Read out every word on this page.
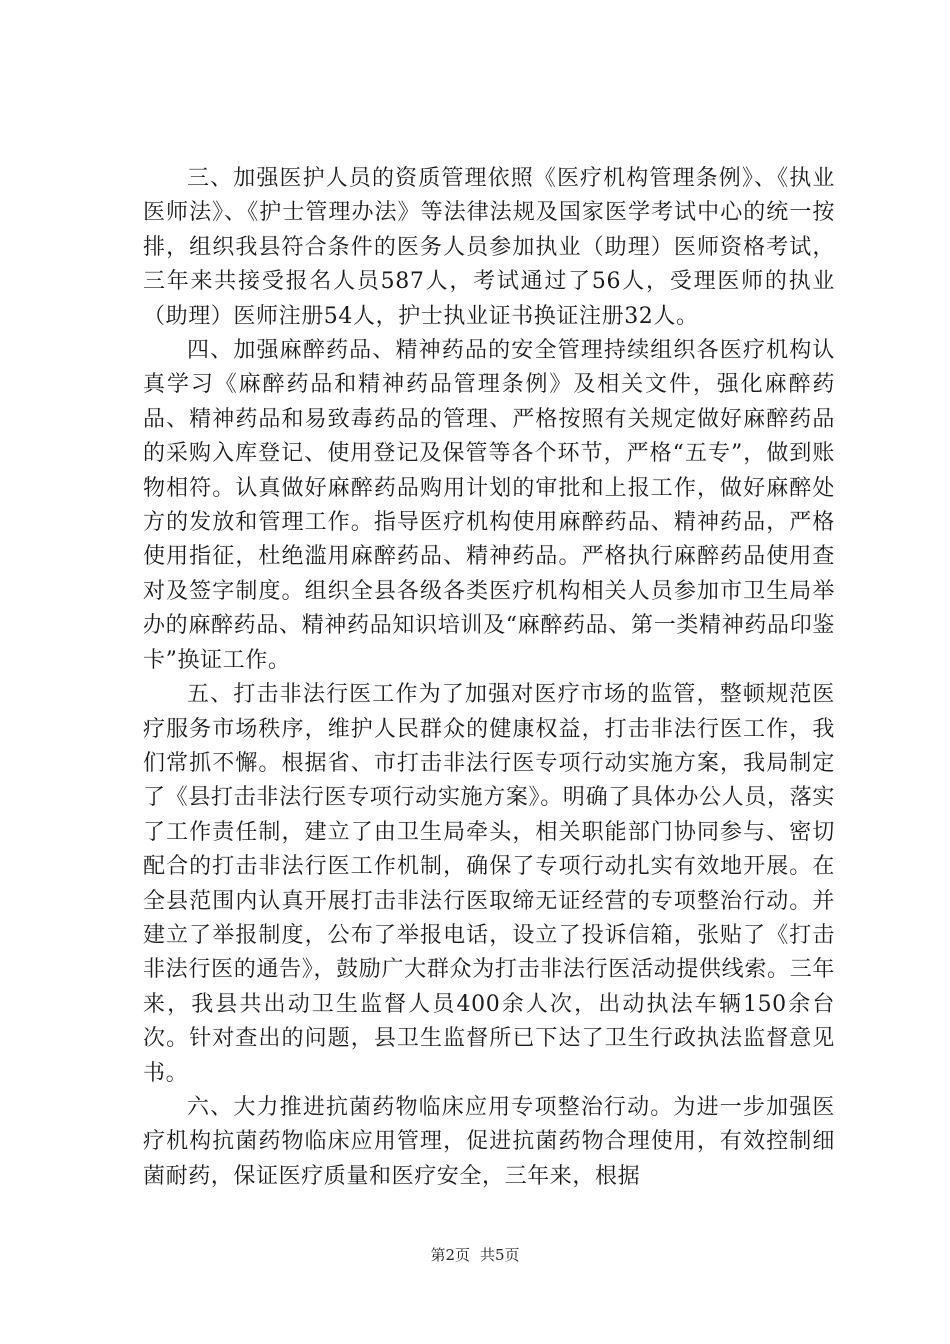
三、加强医护人员的资质管理依照《医疗机构管理条例》、《执业医师法》、《护士管理办法》等法律法规及国家医学考试中心的统一按排，组织我县符合条件的医务人员参加执业（助理）医师资格考试，三年来共接受报名人员587人，考试通过了56人，受理医师的执业（助理）医师注册54人，护士执业证书换证注册32人。

四、加强麻醉药品、精神药品的安全管理持续组织各医疗机构认真学习《麻醉药品和精神药品管理条例》及相关文件，强化麻醉药品、精神药品和易致毒药品的管理、严格按照有关规定做好麻醉药品的采购入库登记、使用登记及保管等各个环节，严格“五专”，做到账物相符。认真做好麻醉药品购用计划的审批和上报工作，做好麻醉处方的发放和管理工作。指导医疗机构使用麻醉药品、精神药品，严格使用指征，杜绝滥用麻醉药品、精神药品。严格执行麻醉药品使用查对及签字制度。组织全县各级各类医疗机构相关人员参加市卫生局举办的麻醉药品、精神药品知识培训及“麻醉药品、第一类精神药品印鉴卡”换证工作。

五、打击非法行医工作为了加强对医疗市场的监管，整顿规范医疗服务市场秩序，维护人民群众的健康权益，打击非法行医工作，我们常抓不懈。根据省、市打击非法行医专项行动实施方案，我局制定了《县打击非法行医专项行动实施方案》。明确了具体办公人员，落实了工作责任制，建立了由卫生局牵头，相关职能部门协同参与、密切配合的打击非法行医工作机制，确保了专项行动扎实有效地开展。在全县范围内认真开展打击非法行医取缔无证经营的专项整治行动。并建立了举报制度，公布了举报电话，设立了投诉信箱，张贴了《打击非法行医的通告》，鼓励广大群众为打击非法行医活动提供线索。三年来，我县共出动卫生监督人员400余人次，出动执法车辆150余台次。针对查出的问题，县卫生监督所已下达了卫生行政执法监督意见书。

六、大力推进抗菌药物临床应用专项整治行动。为进一步加强医疗机构抗菌药物临床应用管理，促进抗菌药物合理使用，有效控制细菌耐药，保证医疗质量和医疗安全，三年来，根据

第2页 共5页
